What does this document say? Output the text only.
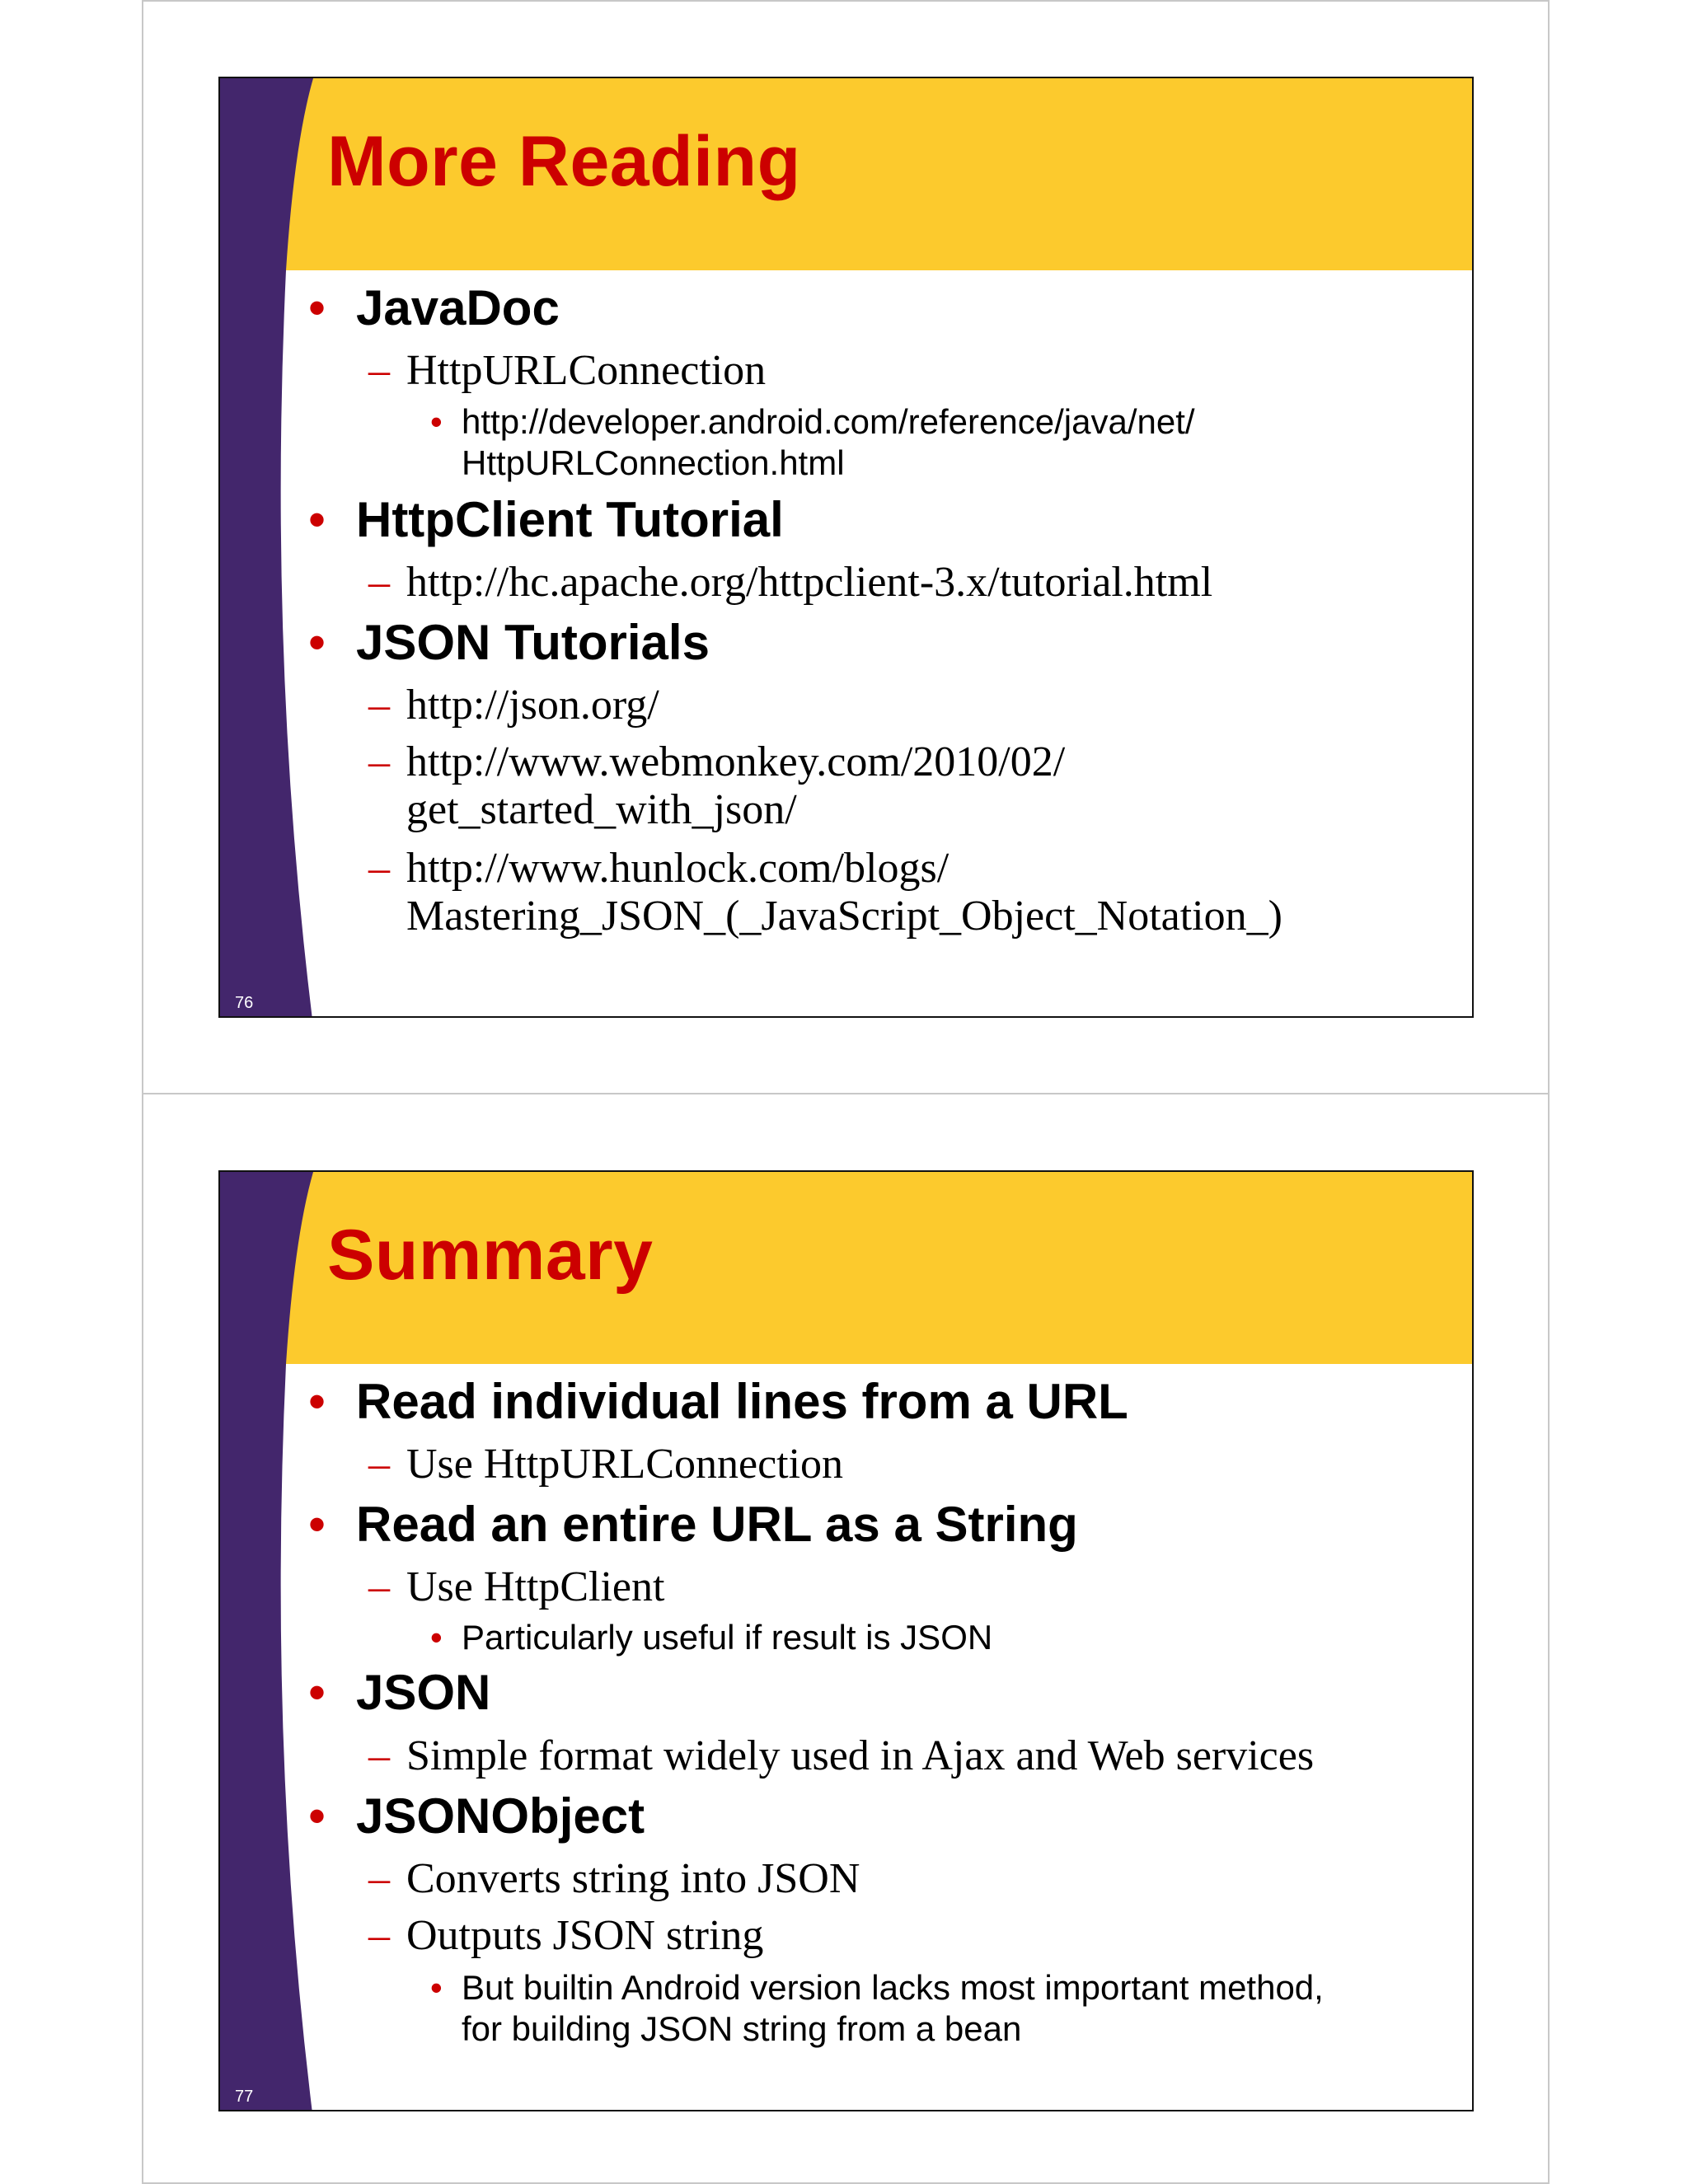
More Reading
• JavaDoc
– HttpURLConnection
• http://developer.android.com/reference/java/net/
HttpURLConnection.html
• HttpClient Tutorial
– http://hc.apache.org/httpclient-3.x/tutorial.html
• JSON Tutorials
– http://json.org/
– http://www.webmonkey.com/2010/02/
get_started_with_json/
– http://www.hunlock.com/blogs/
Mastering_JSON_(_JavaScript_Object_Notation_)
76
Summary
• Read individual lines from a URL
– Use HttpURLConnection
• Read an entire URL as a String
– Use HttpClient
• Particularly useful if result is JSON
• JSON
– Simple format widely used in Ajax and Web services
• JSONObject
– Converts string into JSON
– Outputs JSON string
• But builtin Android version lacks most important method,
for building JSON string from a bean
77
